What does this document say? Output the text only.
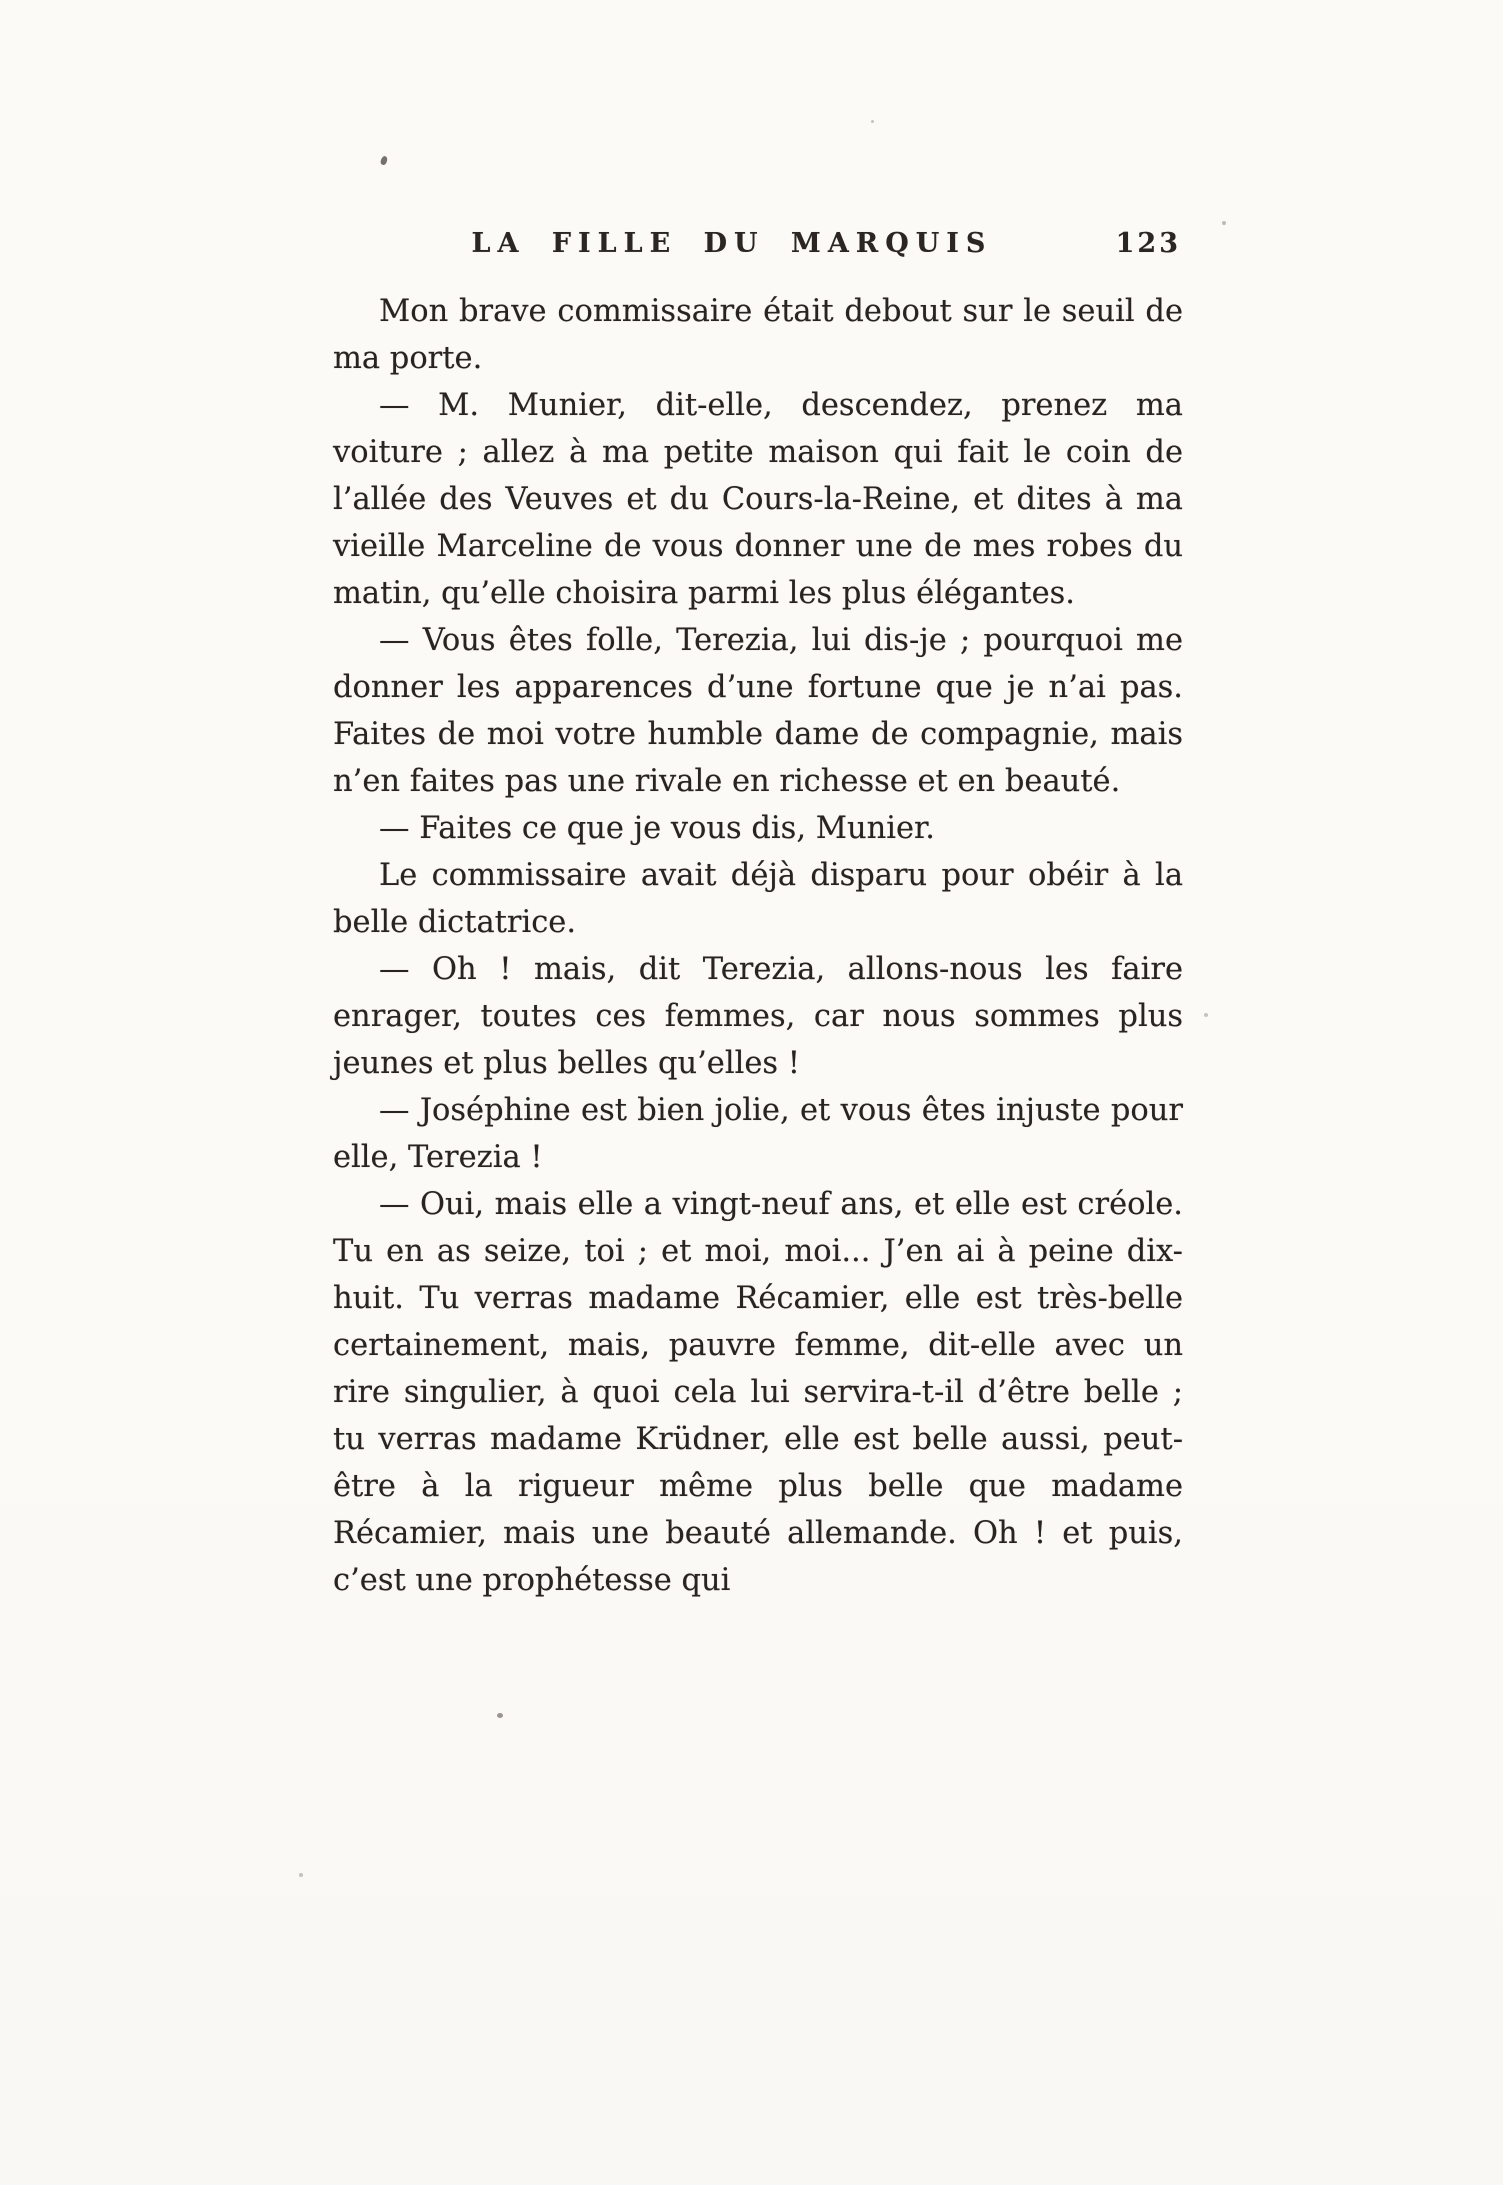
LA FILLE DU MARQUIS	123

Mon brave commissaire était debout sur le seuil de ma porte.

— M. Munier, dit-elle, descendez, prenez ma voiture ; allez à ma petite maison qui fait le coin de l’allée des Veuves et du Cours-la-Reine, et dites à ma vieille Marceline de vous donner une de mes robes du matin, qu’elle choisira parmi les plus élégantes.

— Vous êtes folle, Terezia, lui dis-je ; pourquoi me donner les apparences d’une fortune que je n’ai pas. Faites de moi votre humble dame de compagnie, mais n’en faites pas une rivale en richesse et en beauté.

— Faites ce que je vous dis, Munier.

Le commissaire avait déjà disparu pour obéir à la belle dictatrice.

— Oh ! mais, dit Terezia, allons-nous les faire enrager, toutes ces femmes, car nous sommes plus jeunes et plus belles qu’elles !

— Joséphine est bien jolie, et vous êtes injuste pour elle, Terezia !

— Oui, mais elle a vingt-neuf ans, et elle est créole. Tu en as seize, toi ; et moi, moi... J’en ai à peine dix-huit. Tu verras madame Récamier, elle est très-belle certainement, mais, pauvre femme, dit-elle avec un rire singulier, à quoi cela lui servira-t-il d’être belle ; tu verras madame Krüdner, elle est belle aussi, peut-être à la rigueur même plus belle que madame Récamier, mais une beauté allemande. Oh ! et puis, c’est une prophétesse qui
